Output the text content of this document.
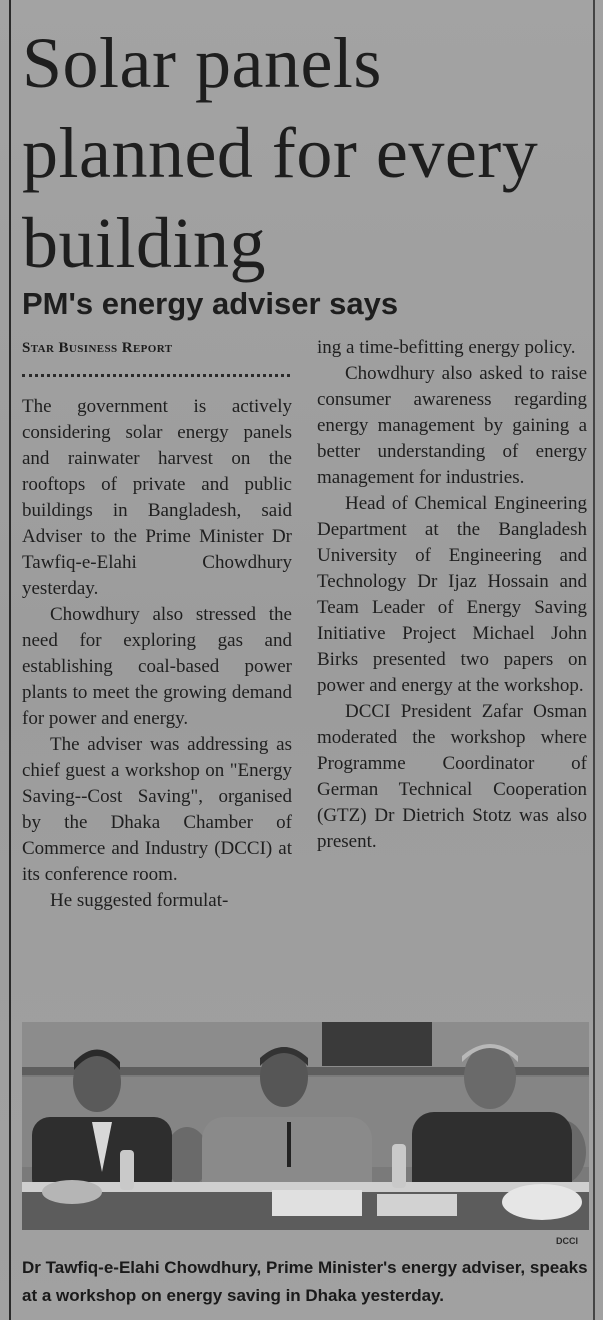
Solar panels planned for every building
PM's energy adviser says
Star Business Report

The government is actively considering solar energy panels and rainwater harvest on the rooftops of private and public buildings in Bangladesh, said Adviser to the Prime Minister Dr Tawfiq-e-Elahi Chowdhury yesterday.

Chowdhury also stressed the need for exploring gas and establishing coal-based power plants to meet the growing demand for power and energy.

The adviser was addressing as chief guest a workshop on "Energy Saving--Cost Saving", organised by the Dhaka Chamber of Commerce and Industry (DCCI) at its conference room.

He suggested formulat-

ing a time-befitting energy policy.

Chowdhury also asked to raise consumer awareness regarding energy management by gaining a better understanding of energy management for industries.

Head of Chemical Engineering Department at the Bangladesh University of Engineering and Technology Dr Ijaz Hossain and Team Leader of Energy Saving Initiative Project Michael John Birks presented two papers on power and energy at the workshop.

DCCI President Zafar Osman moderated the workshop where Programme Coordinator of German Technical Cooperation (GTZ) Dr Dietrich Stotz was also present.

DCCI

Dr Tawfiq-e-Elahi Chowdhury, Prime Minister's energy adviser, speaks at a workshop on energy saving in Dhaka yesterday.
